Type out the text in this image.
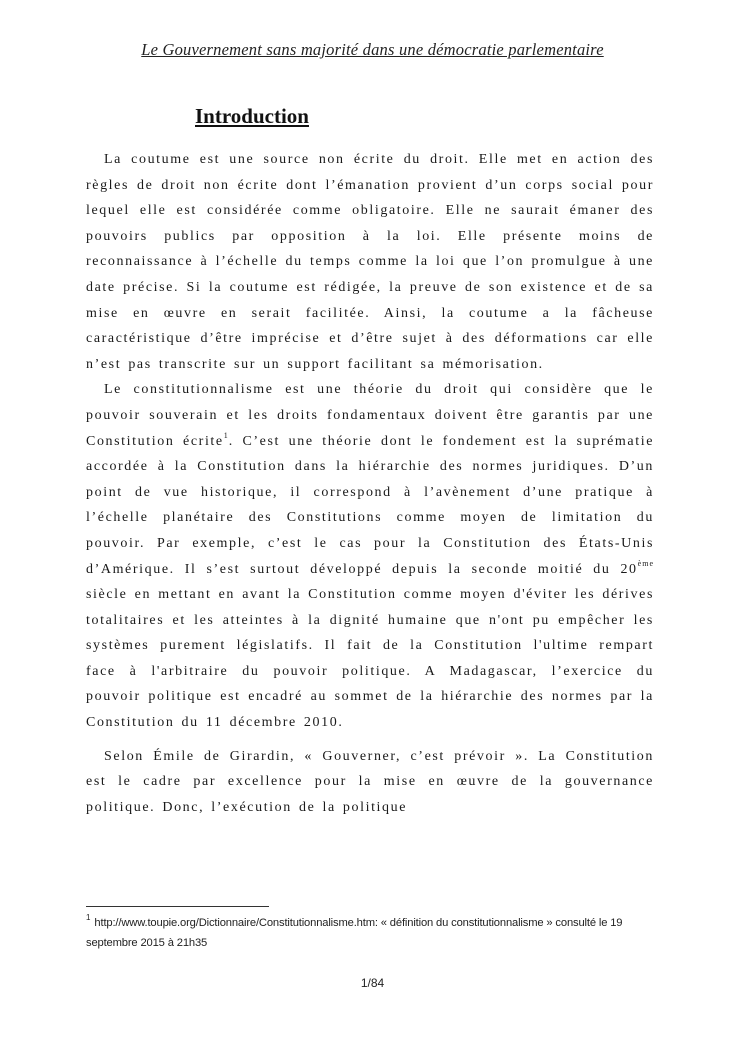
Le Gouvernement sans majorité dans une démocratie parlementaire
Introduction

La coutume est une source non écrite du droit. Elle met en action des règles de droit non écrite dont l’émanation provient d’un corps social pour lequel elle est considérée comme obligatoire. Elle ne saurait émaner des pouvoirs publics par opposition à la loi. Elle présente moins de reconnaissance à l’échelle du temps comme la loi que l’on promulgue à une date précise. Si la coutume est rédigée, la preuve de son existence et de sa mise en œuvre en serait facilitée. Ainsi, la coutume a la fâcheuse caractéristique d’être imprécise et d’être sujet à des déformations car elle n’est pas transcrite sur un support facilitant sa mémorisation.

Le constitutionnalisme est une théorie du droit qui considère que le pouvoir souverain et les droits fondamentaux doivent être garantis par une Constitution écrite$^1$. C’est une théorie dont le fondement est la suprématie accordée à la Constitution dans la hiérarchie des normes juridiques. D’un point de vue historique, il correspond à l’avènement d’une pratique à l’échelle planétaire des Constitutions comme moyen de limitation du pouvoir. Par exemple, c’est le cas pour la Constitution des États-Unis d’Amérique. Il s’est surtout développé depuis la seconde moitié du 20ème siècle en mettant en avant la Constitution comme moyen d'éviter les dérives totalitaires et les atteintes à la dignité humaine que n'ont pu empêcher les systèmes purement législatifs. Il fait de la Constitution l'ultime rempart face à l'arbitraire du pouvoir politique. A Madagascar, l’exercice du pouvoir politique est encadré au sommet de la hiérarchie des normes par la Constitution du 11 décembre 2010.

Selon Émile de Girardin, « Gouverner, c’est prévoir ». La Constitution est le cadre par excellence pour la mise en œuvre de la gouvernance politique. Donc, l’exécution de la politique

$^1$ http://www.toupie.org/Dictionnaire/Constitutionnalisme.htm: « définition du constitutionnalisme » consulté le 19 septembre 2015 à 21h35
1/84
